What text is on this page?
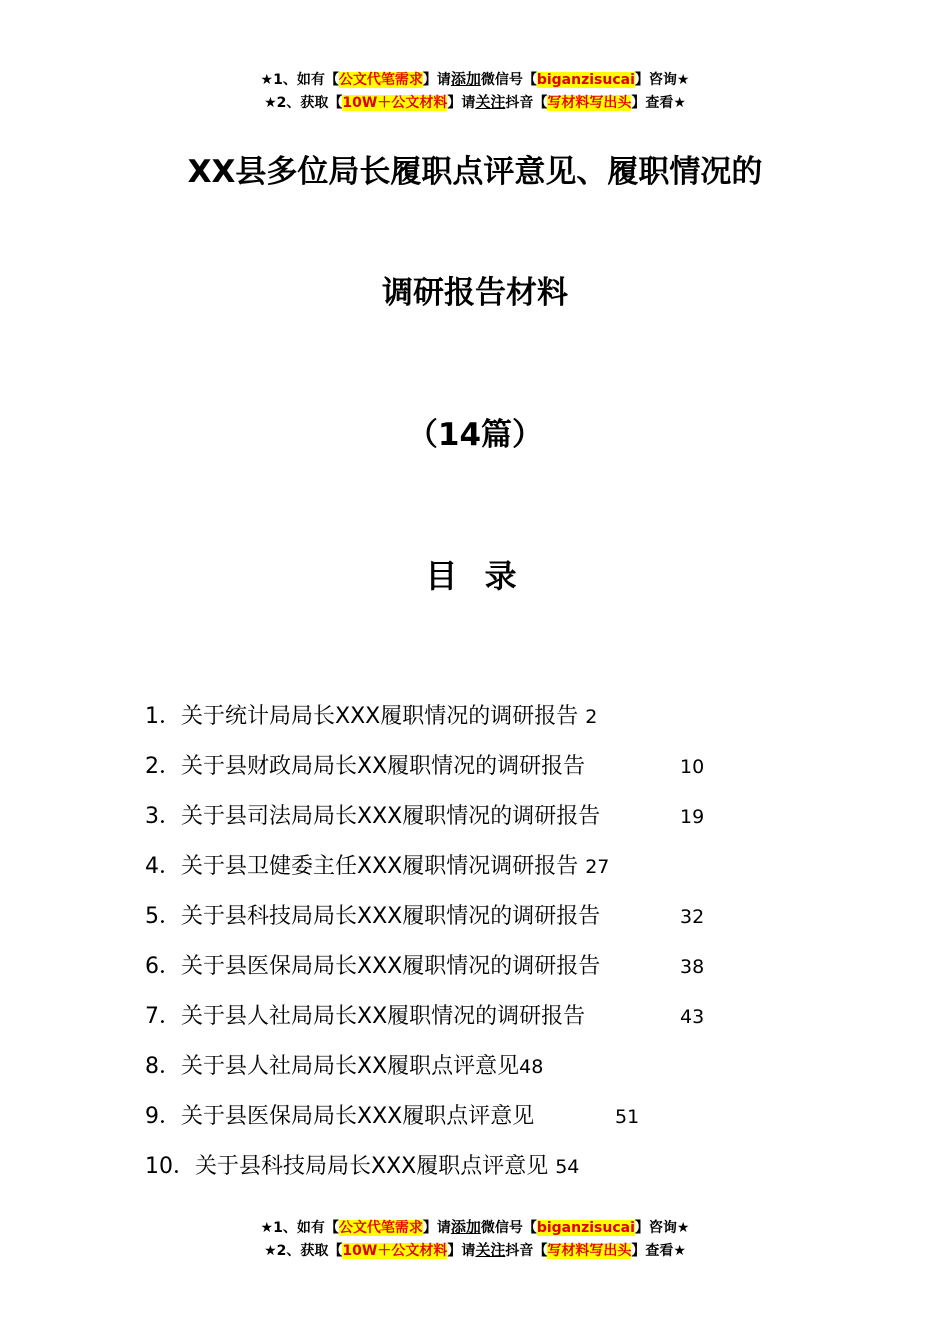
★1、如有【公文代笔需求】请添加微信号【biganzisucai】咨询★
★2、获取【10W＋公文材料】请关注抖音【写材料写出头】查看★
XX县多位局长履职点评意见、履职情况的
调研报告材料
（14篇）
目 录
1．关于统计局局长XXX履职情况的调研报告 2
2．关于县财政局局长XX履职情况的调研报告	10
3．关于县司法局局长XXX履职情况的调研报告	19
4．关于县卫健委主任XXX履职情况调研报告 27
5．关于县科技局局长XXX履职情况的调研报告	32
6．关于县医保局局长XXX履职情况的调研报告	38
7．关于县人社局局长XX履职情况的调研报告	43
8．关于县人社局局长XX履职点评意见48
9．关于县医保局局长XXX履职点评意见	51
10．关于县科技局局长XXX履职点评意见 54
★1、如有【公文代笔需求】请添加微信号【biganzisucai】咨询★
★2、获取【10W＋公文材料】请关注抖音【写材料写出头】查看★
